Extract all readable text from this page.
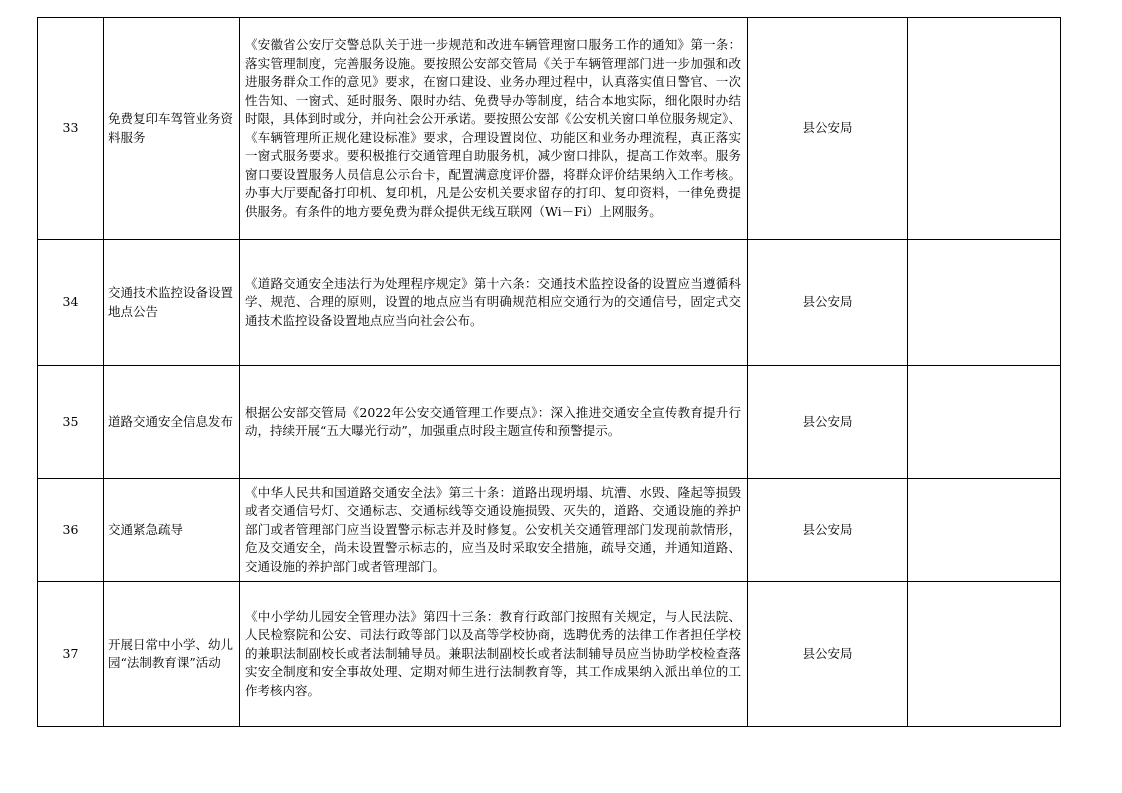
33	免费复印车驾管业务资料服务	《安徽省公安厅交警总队关于进一步规范和改进车辆管理窗口服务工作的通知》第一条：落实管理制度，完善服务设施。要按照公安部交管局《关于车辆管理部门进一步加强和改进服务群众工作的意见》要求，在窗口建设、业务办理过程中，认真落实值日警官、一次性告知、一窗式、延时服务、限时办结、免费导办等制度，结合本地实际，细化限时办结时限，具体到时或分，并向社会公开承诺。要按照公安部《公安机关窗口单位服务规定》、《车辆管理所正规化建设标准》要求，合理设置岗位、功能区和业务办理流程，真正落实一窗式服务要求。要积极推行交通管理自助服务机，减少窗口排队，提高工作效率。服务窗口要设置服务人员信息公示台卡，配置满意度评价器，将群众评价结果纳入工作考核。办事大厅要配备打印机、复印机，凡是公安机关要求留存的打印、复印资料，一律免费提供服务。有条件的地方要免费为群众提供无线互联网（Wi－Fi）上网服务。	县公安局	
34	交通技术监控设备设置地点公告	《道路交通安全违法行为处理程序规定》第十六条：交通技术监控设备的设置应当遵循科学、规范、合理的原则，设置的地点应当有明确规范相应交通行为的交通信号，固定式交通技术监控设备设置地点应当向社会公布。	县公安局	
35	道路交通安全信息发布	根据公安部交管局《2022年公安交通管理工作要点》：深入推进交通安全宣传教育提升行动，持续开展“五大曝光行动”，加强重点时段主题宣传和预警提示。	县公安局	
36	交通紧急疏导	《中华人民共和国道路交通安全法》第三十条：道路出现坍塌、坑漕、水毁、隆起等损毁或者交通信号灯、交通标志、交通标线等交通设施损毁、灭失的，道路、交通设施的养护部门或者管理部门应当设置警示标志并及时修复。公安机关交通管理部门发现前款情形，危及交通安全，尚未设置警示标志的，应当及时采取安全措施，疏导交通，并通知道路、交通设施的养护部门或者管理部门。	县公安局	
37	开展日常中小学、幼儿园“法制教育课”活动	《中小学幼儿园安全管理办法》第四十三条：教育行政部门按照有关规定，与人民法院、人民检察院和公安、司法行政等部门以及高等学校协商，选聘优秀的法律工作者担任学校的兼职法制副校长或者法制辅导员。兼职法制副校长或者法制辅导员应当协助学校检查落实安全制度和安全事故处理、定期对师生进行法制教育等，其工作成果纳入派出单位的工作考核内容。	县公安局	
